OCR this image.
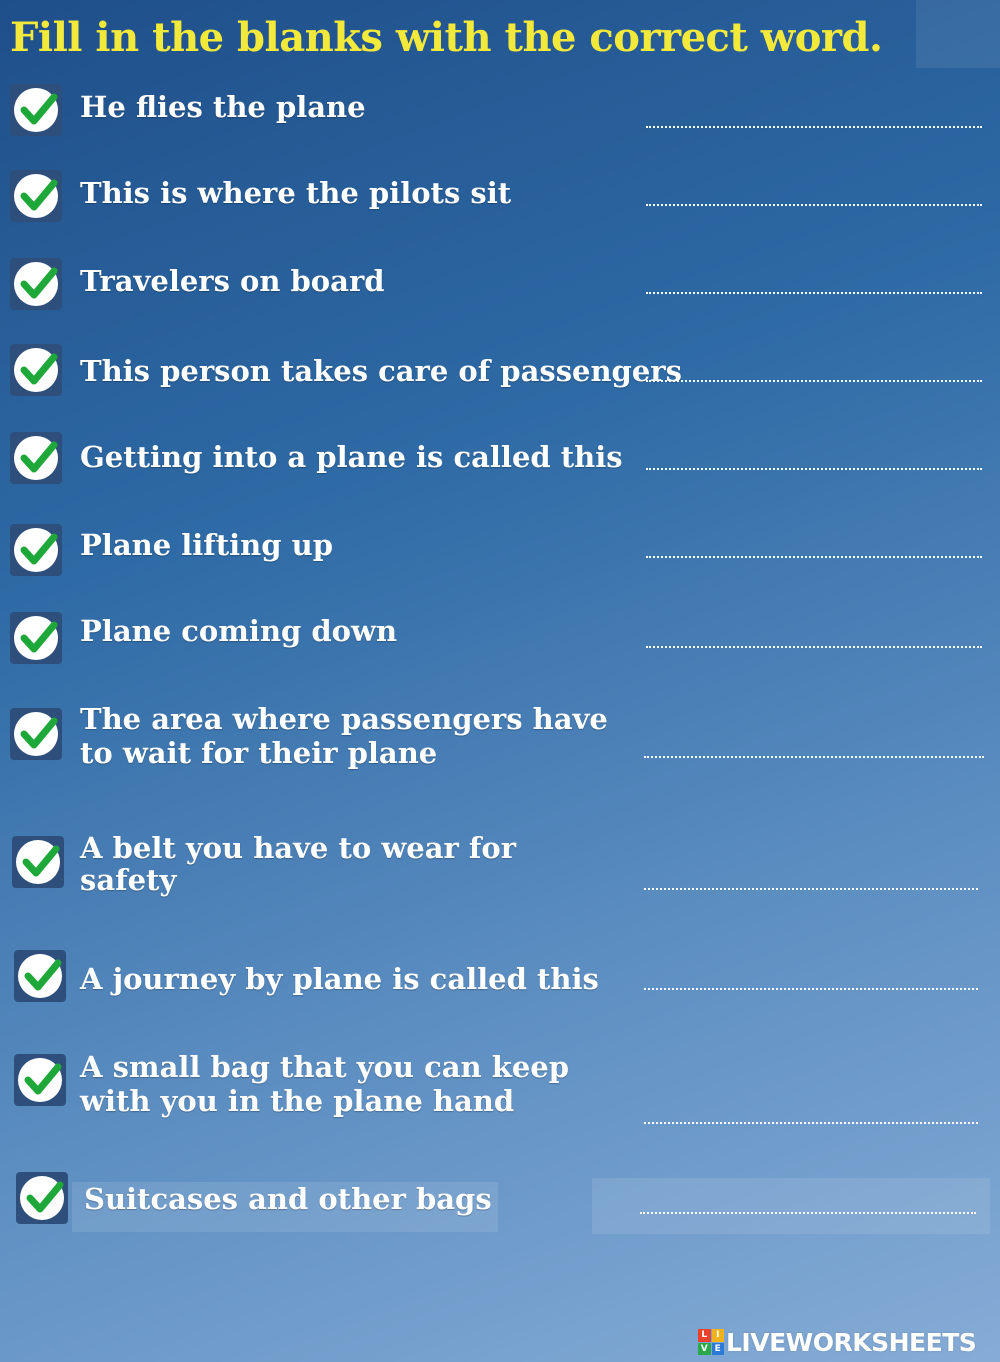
Fill in the blanks with the correct word.
He flies the plane
This is where the pilots sit
Travelers on board
This person takes care of passengers
Getting into a plane is called this
Plane lifting up
Plane coming down
The area where passengers have
to wait for their plane
A belt you have to wear for
safety
A journey by plane is called this
A small bag that you can keep
with you in the plane hand
Suitcases and other bags
L I
V E LIVEWORKSHEETS
